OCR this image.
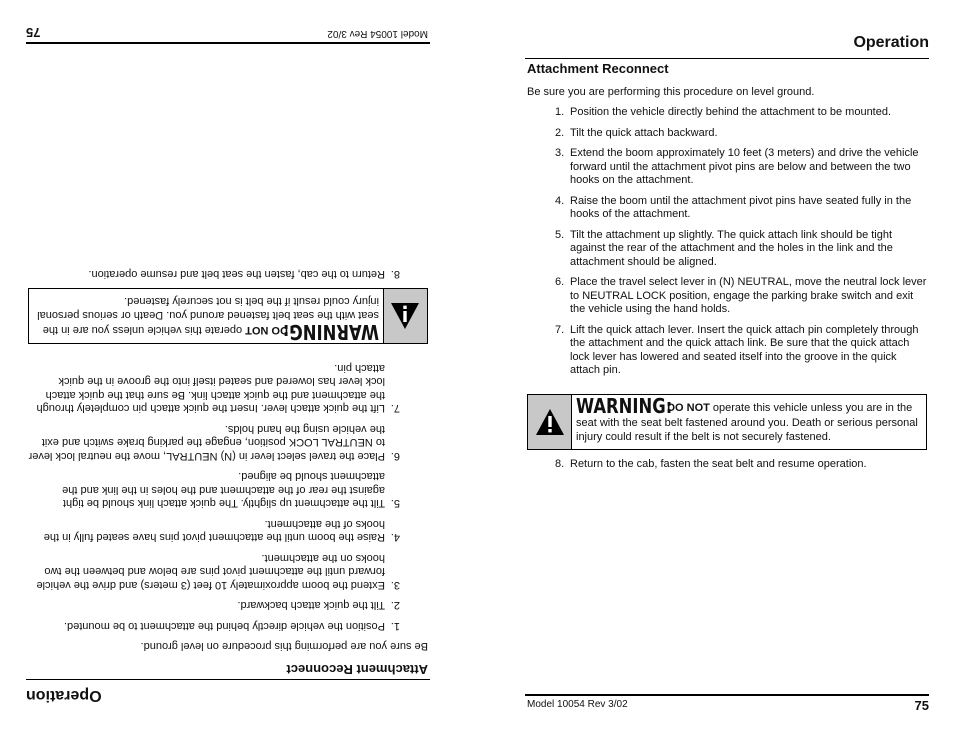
Operation
Attachment Reconnect
Be sure you are performing this procedure on level ground.
1. Position the vehicle directly behind the attachment to be mounted.
2. Tilt the quick attach backward.
3. Extend the boom approximately 10 feet (3 meters) and drive the vehicle forward until the attachment pivot pins are below and between the two hooks on the attachment.
4. Raise the boom until the attachment pivot pins have seated fully in the hooks of the attachment.
5. Tilt the attachment up slightly. The quick attach link should be tight against the rear of the attachment and the holes in the link and the attachment should be aligned.
6. Place the travel select lever in (N) NEUTRAL, move the neutral lock lever to NEUTRAL LOCK position, engage the parking brake switch and exit the vehicle using the hand holds.
7. Lift the quick attach lever. Insert the quick attach pin completely through the attachment and the quick attach link. Be sure that the quick attach lock lever has lowered and seated itself into the groove in the quick attach pin.
WARNING: DO NOT operate this vehicle unless you are in the seat with the seat belt fastened around you. Death or serious personal injury could result if the belt is not securely fastened.
8. Return to the cab, fasten the seat belt and resume operation.
Model 10054 Rev 3/02	75
Operation
Attachment Reconnect
Be sure you are performing this procedure on level ground.
1.
Position the vehicle directly behind the attachment to be mounted.
2.
Tilt the quick attach backward.
3.
Extend the boom approximately 10 feet (3 meters) and drive the vehicle forward until the attachment pivot pins are below and between the two hooks on the attachment.
4.
Raise the boom until the attachment pivot pins have seated fully in the hooks of the attachment.
5.
Tilt the attachment up slightly. The quick attach link should be tight against the rear of the attachment and the holes in the link and the attachment should be aligned.
6.
Place the travel select lever in (N) NEUTRAL, move the neutral lock lever to NEUTRAL LOCK position, engage the parking brake switch and exit the vehicle using the hand holds.
7.
Lift the quick attach lever. Insert the quick attach pin completely through the attachment and the quick attach link. Be sure that the quick attach lock lever has lowered and seated itself into the groove in the quick attach pin.
WARNING: DO NOT operate this vehicle unless you are in the seat with the seat belt fastened around you. Death or serious personal injury could result if the belt is not securely fastened.
8.
Return to the cab, fasten the seat belt and resume operation.
Model 10054 Rev 3/02
75
